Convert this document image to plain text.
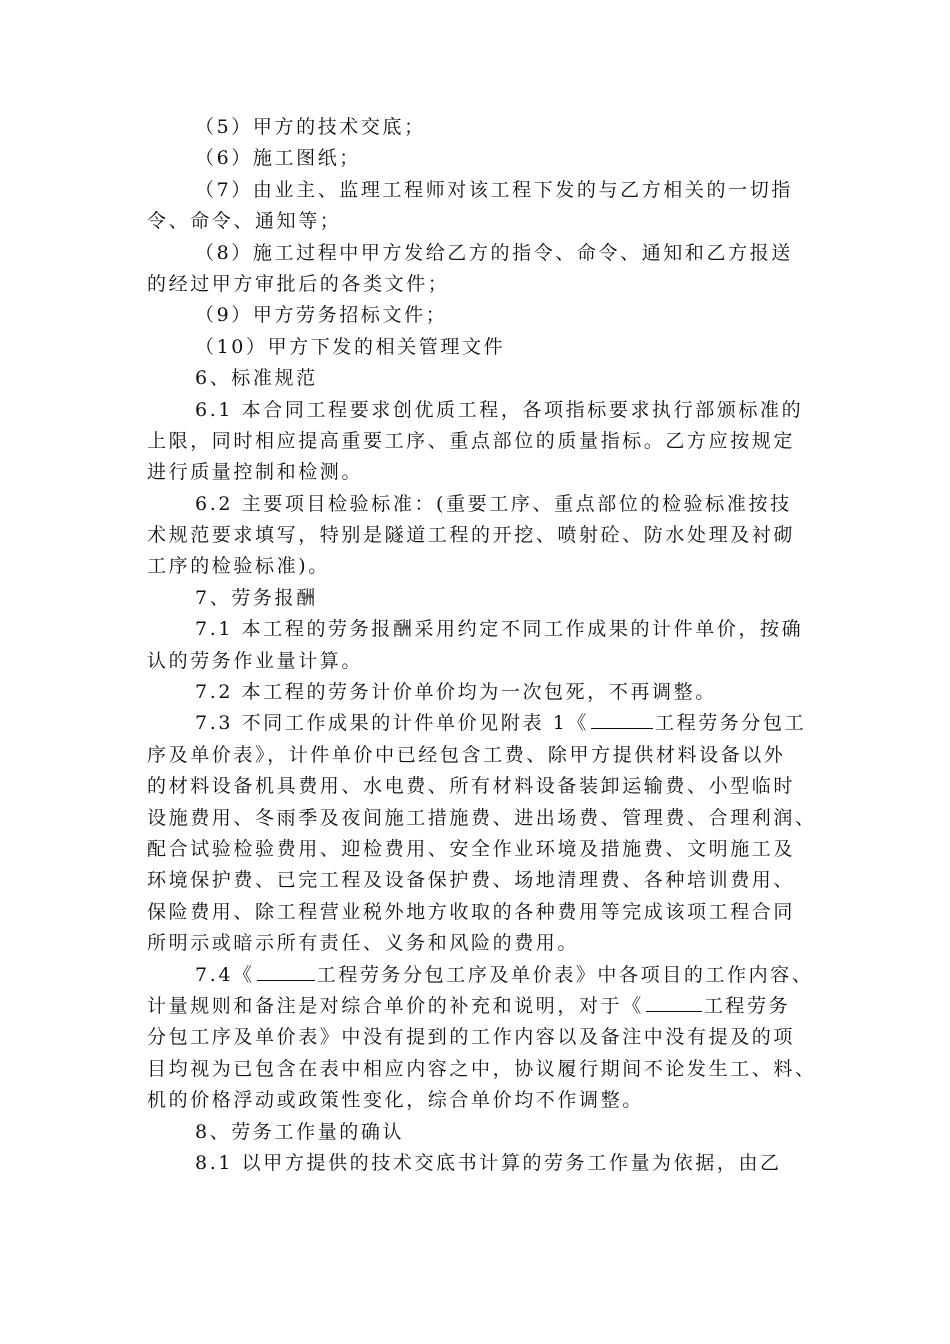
（5）甲方的技术交底；
（6）施工图纸；
（7）由业主、监理工程师对该工程下发的与乙方相关的一切指
令、命令、通知等；
（8）施工过程中甲方发给乙方的指令、命令、通知和乙方报送
的经过甲方审批后的各类文件；
（9）甲方劳务招标文件；
（10）甲方下发的相关管理文件
6、标准规范
6.1 本合同工程要求创优质工程，各项指标要求执行部颁标准的
上限，同时相应提高重要工序、重点部位的质量指标。乙方应按规定
进行质量控制和检测。
6.2 主要项目检验标准：(重要工序、重点部位的检验标准按技
术规范要求填写，特别是隧道工程的开挖、喷射砼、防水处理及衬砌
工序的检验标准)。
7、劳务报酬
7.1 本工程的劳务报酬采用约定不同工作成果的计件单价，按确
认的劳务作业量计算。
7.2 本工程的劳务计价单价均为一次包死，不再调整。
7.3 不同工作成果的计件单价见附表 1《	工程劳务分包工
序及单价表》，计件单价中已经包含工费、除甲方提供材料设备以外
的材料设备机具费用、水电费、所有材料设备装卸运输费、小型临时
设施费用、冬雨季及夜间施工措施费、进出场费、管理费、合理利润、
配合试验检验费用、迎检费用、安全作业环境及措施费、文明施工及
环境保护费、已完工程及设备保护费、场地清理费、各种培训费用、
保险费用、除工程营业税外地方收取的各种费用等完成该项工程合同
所明示或暗示所有责任、义务和风险的费用。
7.4《	工程劳务分包工序及单价表》中各项目的工作内容、
计量规则和备注是对综合单价的补充和说明，对于《	工程劳务
分包工序及单价表》中没有提到的工作内容以及备注中没有提及的项
目均视为已包含在表中相应内容之中，协议履行期间不论发生工、料、
机的价格浮动或政策性变化，综合单价均不作调整。
8、劳务工作量的确认
8.1 以甲方提供的技术交底书计算的劳务工作量为依据，由乙
